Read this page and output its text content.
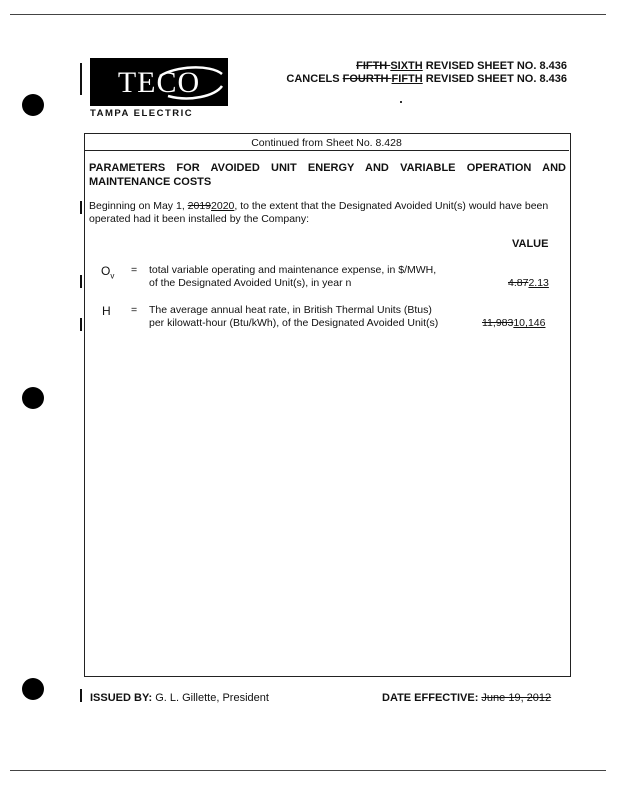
TECO
TAMPA ELECTRIC
FIFTH SIXTH REVISED SHEET NO. 8.436
CANCELS FOURTH FIFTH REVISED SHEET NO. 8.436
Continued from Sheet No. 8.428
PARAMETERS FOR AVOIDED UNIT ENERGY AND VARIABLE OPERATION AND MAINTENANCE COSTS
Beginning on May 1, 20192020, to the extent that the Designated Avoided Unit(s) would have been operated had it been installed by the Company:
VALUE
$O_v$ = total variable operating and maintenance expense, in $/MWH,
of the Designated Avoided Unit(s), in year n	4.872.13
H = The average annual heat rate, in British Thermal Units (Btus)
per kilowatt-hour (Btu/kWh), of the Designated Avoided Unit(s)	11,98310,146
ISSUED BY: G. L. Gillette, President	DATE EFFECTIVE: June 19, 2012
